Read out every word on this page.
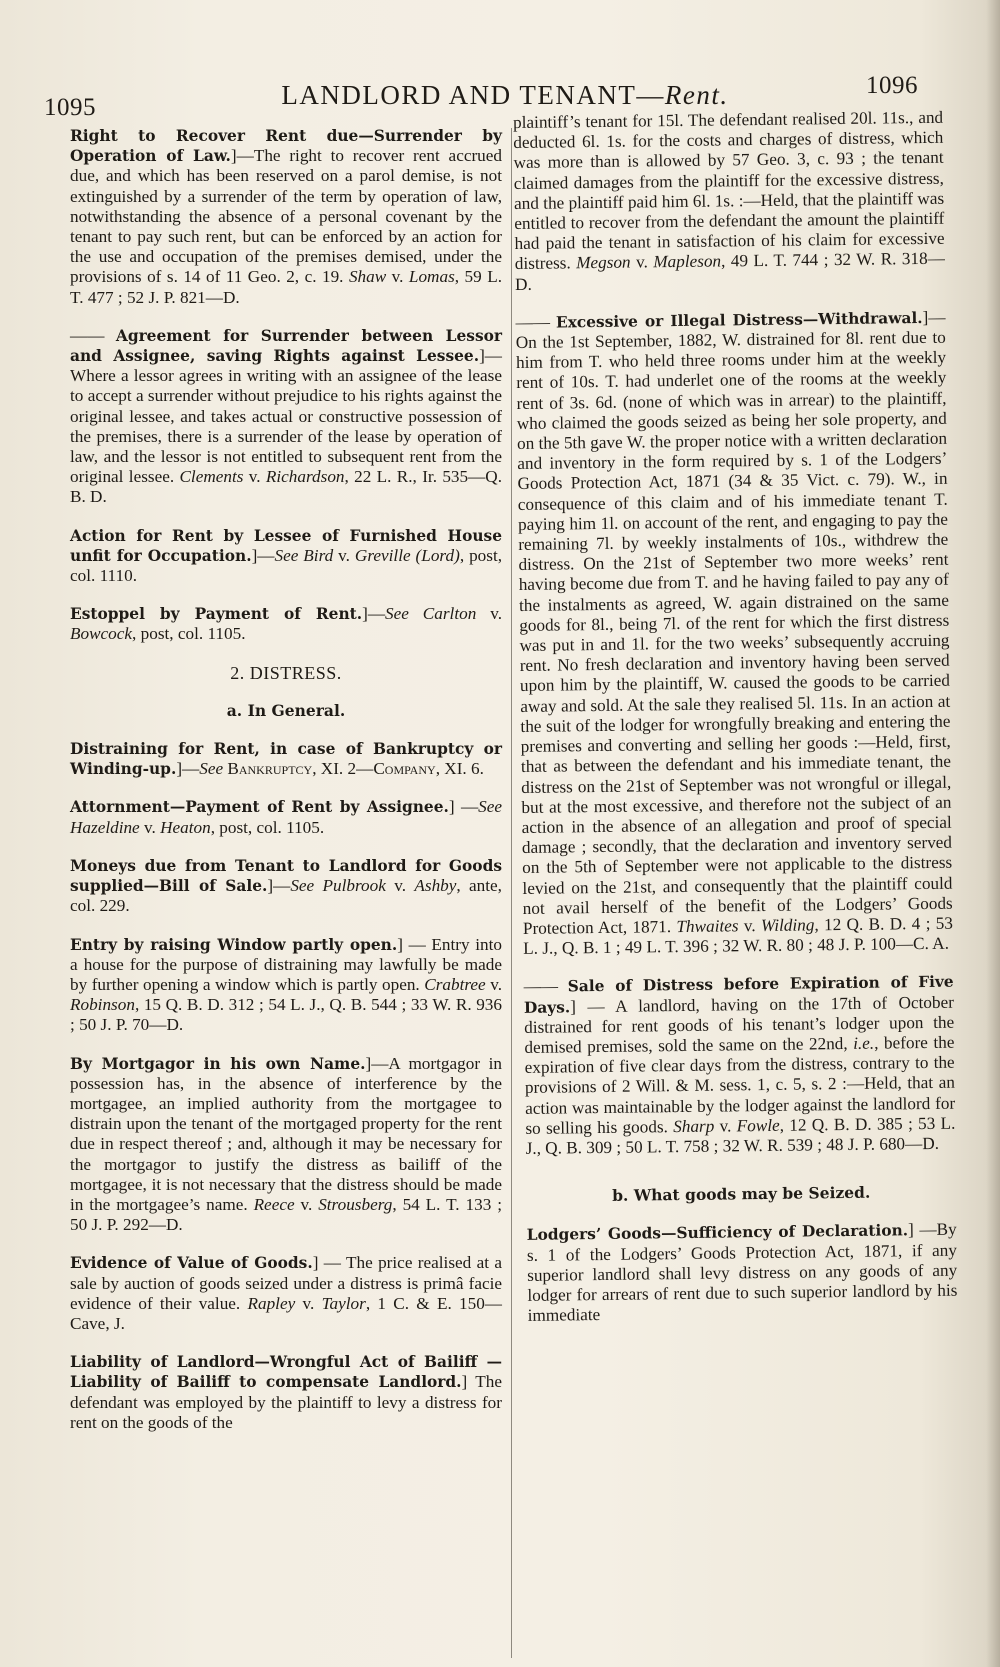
1095	LANDLORD AND TENANT—Rent.	1096

Right to Recover Rent due—Surrender by Operation of Law.]—The right to recover rent accrued due, and which has been reserved on a parol demise, is not extinguished by a surrender of the term by operation of law, notwithstanding the absence of a personal covenant by the tenant to pay such rent, but can be enforced by an action for the use and occupation of the premises demised, under the provisions of s. 14 of 11 Geo. 2, c. 19. Shaw v. Lomas, 59 L. T. 477 ; 52 J. P. 821—D.

—— Agreement for Surrender between Lessor and Assignee, saving Rights against Lessee.]—Where a lessor agrees in writing with an assignee of the lease to accept a surrender without prejudice to his rights against the original lessee, and takes actual or constructive possession of the premises, there is a surrender of the lease by operation of law, and the lessor is not entitled to subsequent rent from the original lessee. Clements v. Richardson, 22 L. R., Ir. 535—Q. B. D.

Action for Rent by Lessee of Furnished House unfit for Occupation.]—See Bird v. Greville (Lord), post, col. 1110.

Estoppel by Payment of Rent.]—See Carlton v. Bowcock, post, col. 1105.

2. DISTRESS.

a. In General.

Distraining for Rent, in case of Bankruptcy or Winding-up.]—See Bankruptcy, XI. 2—Company, XI. 6.

Attornment—Payment of Rent by Assignee.] —See Hazeldine v. Heaton, post, col. 1105.

Moneys due from Tenant to Landlord for Goods supplied—Bill of Sale.]—See Pulbrook v. Ashby, ante, col. 229.

Entry by raising Window partly open.] — Entry into a house for the purpose of distraining may lawfully be made by further opening a window which is partly open. Crabtree v. Robinson, 15 Q. B. D. 312 ; 54 L. J., Q. B. 544 ; 33 W. R. 936 ; 50 J. P. 70—D.

By Mortgagor in his own Name.]—A mortgagor in possession has, in the absence of interference by the mortgagee, an implied authority from the mortgagee to distrain upon the tenant of the mortgaged property for the rent due in respect thereof ; and, although it may be necessary for the mortgagor to justify the distress as bailiff of the mortgagee, it is not necessary that the distress should be made in the mortgagee’s name. Reece v. Strousberg, 54 L. T. 133 ; 50 J. P. 292—D.

Evidence of Value of Goods.] — The price realised at a sale by auction of goods seized under a distress is primâ facie evidence of their value. Rapley v. Taylor, 1 C. & E. 150—Cave, J.

Liability of Landlord—Wrongful Act of Bailiff —Liability of Bailiff to compensate Landlord.] The defendant was employed by the plaintiff to levy a distress for rent on the goods of the

plaintiff’s tenant for 15l. The defendant realised 20l. 11s., and deducted 6l. 1s. for the costs and charges of distress, which was more than is allowed by 57 Geo. 3, c. 93 ; the tenant claimed damages from the plaintiff for the excessive distress, and the plaintiff paid him 6l. 1s. :—Held, that the plaintiff was entitled to recover from the defendant the amount the plaintiff had paid the tenant in satisfaction of his claim for excessive distress. Megson v. Mapleson, 49 L. T. 744 ; 32 W. R. 318—D.

—— Excessive or Illegal Distress—Withdrawal.]—On the 1st September, 1882, W. distrained for 8l. rent due to him from T. who held three rooms under him at the weekly rent of 10s. T. had underlet one of the rooms at the weekly rent of 3s. 6d. (none of which was in arrear) to the plaintiff, who claimed the goods seized as being her sole property, and on the 5th gave W. the proper notice with a written declaration and inventory in the form required by s. 1 of the Lodgers’ Goods Protection Act, 1871 (34 & 35 Vict. c. 79). W., in consequence of this claim and of his immediate tenant T. paying him 1l. on account of the rent, and engaging to pay the remaining 7l. by weekly instalments of 10s., withdrew the distress. On the 21st of September two more weeks’ rent having become due from T. and he having failed to pay any of the instalments as agreed, W. again distrained on the same goods for 8l., being 7l. of the rent for which the first distress was put in and 1l. for the two weeks’ subsequently accruing rent. No fresh declaration and inventory having been served upon him by the plaintiff, W. caused the goods to be carried away and sold. At the sale they realised 5l. 11s. In an action at the suit of the lodger for wrongfully breaking and entering the premises and converting and selling her goods :—Held, first, that as between the defendant and his immediate tenant, the distress on the 21st of September was not wrongful or illegal, but at the most excessive, and therefore not the subject of an action in the absence of an allegation and proof of special damage ; secondly, that the declaration and inventory served on the 5th of September were not applicable to the distress levied on the 21st, and consequently that the plaintiff could not avail herself of the benefit of the Lodgers’ Goods Protection Act, 1871. Thwaites v. Wilding, 12 Q. B. D. 4 ; 53 L. J., Q. B. 1 ; 49 L. T. 396 ; 32 W. R. 80 ; 48 J. P. 100—C. A.

—— Sale of Distress before Expiration of Five Days.] — A landlord, having on the 17th of October distrained for rent goods of his tenant’s lodger upon the demised premises, sold the same on the 22nd, i.e., before the expiration of five clear days from the distress, contrary to the provisions of 2 Will. & M. sess. 1, c. 5, s. 2 :—Held, that an action was maintainable by the lodger against the landlord for so selling his goods. Sharp v. Fowle, 12 Q. B. D. 385 ; 53 L. J., Q. B. 309 ; 50 L. T. 758 ; 32 W. R. 539 ; 48 J. P. 680—D.

b. What goods may be Seized.

Lodgers’ Goods—Sufficiency of Declaration.] —By s. 1 of the Lodgers’ Goods Protection Act, 1871, if any superior landlord shall levy distress on any goods of any lodger for arrears of rent due to such superior landlord by his immediate
